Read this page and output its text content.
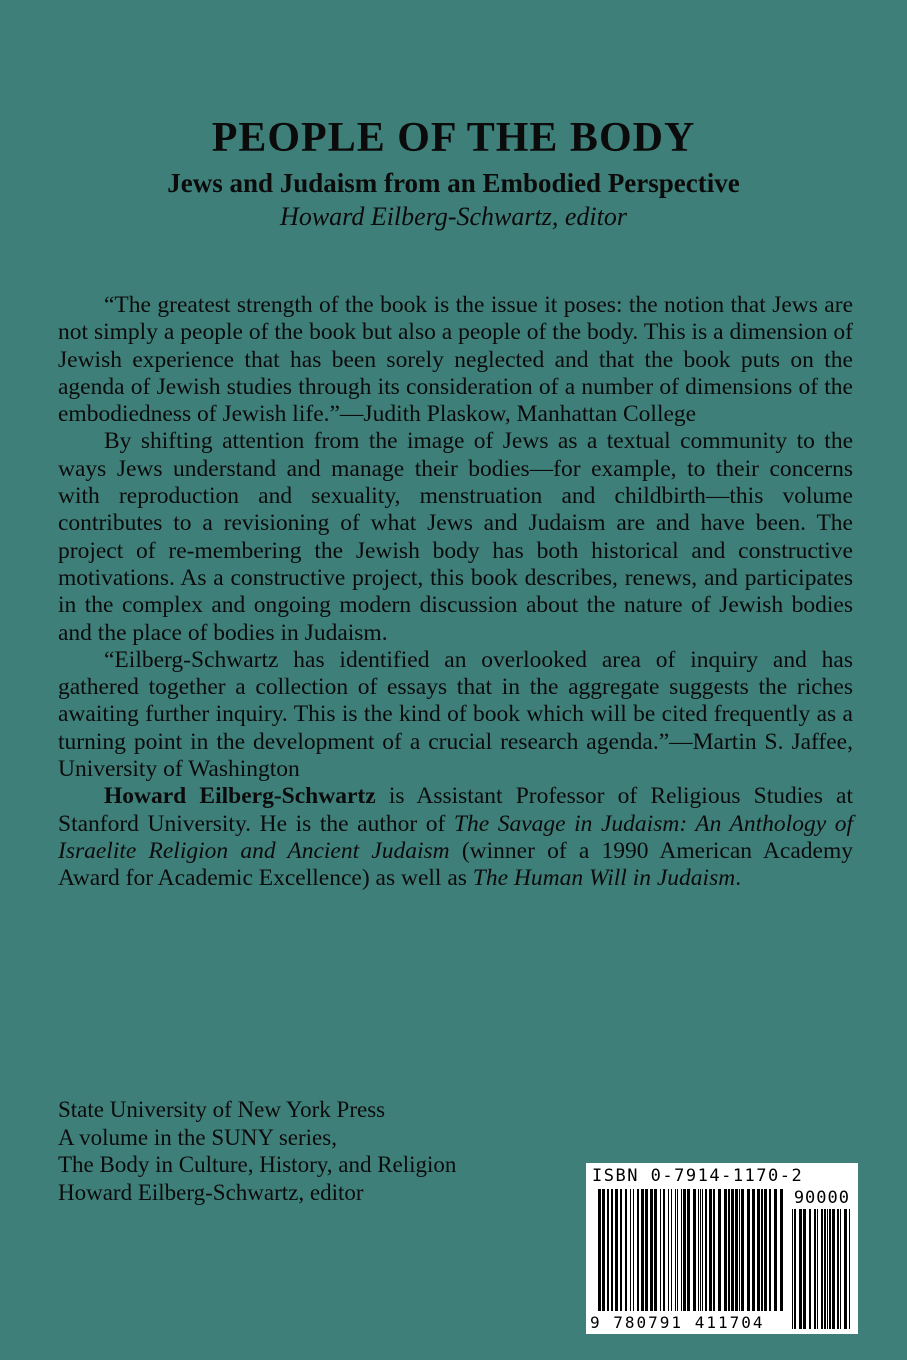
PEOPLE OF THE BODY
Jews and Judaism from an Embodied Perspective
Howard Eilberg-Schwartz, editor

“The greatest strength of the book is the issue it poses: the notion that Jews are not simply a people of the book but also a people of the body. This is a dimension of Jewish experience that has been sorely neglected and that the book puts on the agenda of Jewish studies through its consideration of a number of dimensions of the embodiedness of Jewish life.”—Judith Plaskow, Manhattan College

By shifting attention from the image of Jews as a textual community to the ways Jews understand and manage their bodies—for example, to their concerns with reproduction and sexuality, menstruation and childbirth—this volume contributes to a revisioning of what Jews and Judaism are and have been. The project of re-membering the Jewish body has both historical and constructive motivations. As a constructive project, this book describes, renews, and participates in the complex and ongoing modern discussion about the nature of Jewish bodies and the place of bodies in Judaism.

“Eilberg-Schwartz has identified an overlooked area of inquiry and has gathered together a collection of essays that in the aggregate suggests the riches awaiting further inquiry. This is the kind of book which will be cited frequently as a turning point in the development of a crucial research agenda.”—Martin S. Jaffee, University of Washington

Howard Eilberg-Schwartz is Assistant Professor of Religious Studies at Stanford University. He is the author of The Savage in Judaism: An Anthology of Israelite Religion and Ancient Judaism (winner of a 1990 American Academy Award for Academic Excellence) as well as The Human Will in Judaism.

State University of New York Press
A volume in the SUNY series,
The Body in Culture, History, and Religion
Howard Eilberg-Schwartz, editor
ISBN 0-7914-1170-2
90000
9 780791 411704
